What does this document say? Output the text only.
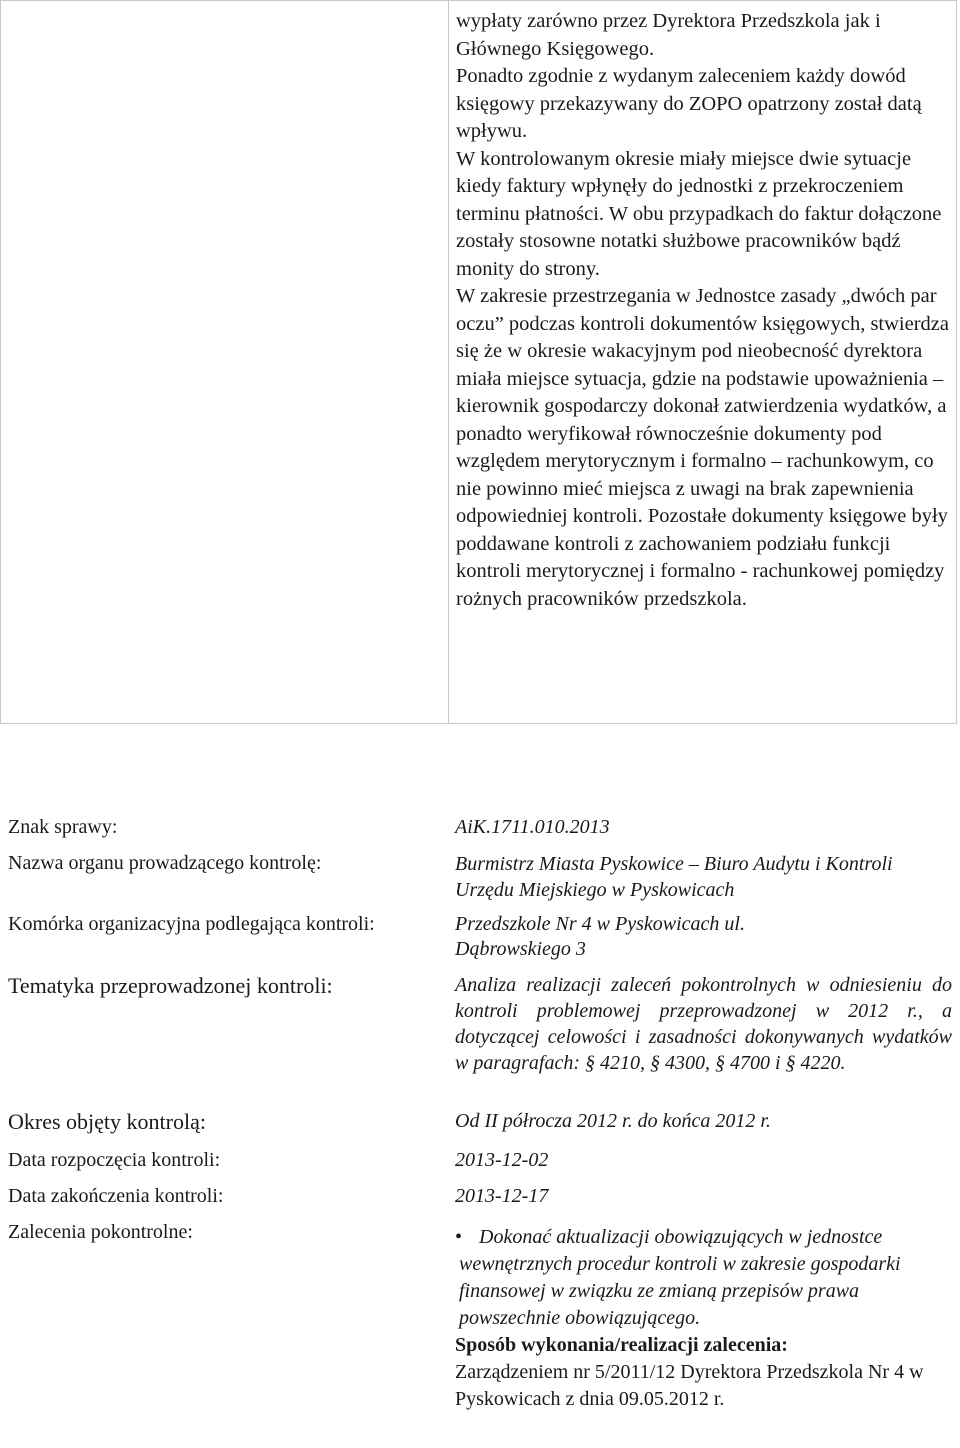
wypłaty zarówno przez Dyrektora Przedszkola jak i Głównego Księgowego.

Ponadto zgodnie z wydanym zaleceniem każdy dowód księgowy przekazywany do ZOPO opatrzony został datą wpływu.

W kontrolowanym okresie miały miejsce dwie sytuacje kiedy faktury wpłynęły do jednostki z przekroczeniem terminu płatności. W obu przypadkach do faktur dołączone zostały stosowne notatki służbowe pracowników bądź monity do strony.

W zakresie przestrzegania w Jednostce zasady „dwóch par oczu” podczas kontroli dokumentów księgowych, stwierdza się że w okresie wakacyjnym pod nieobecność dyrektora miała miejsce sytuacja, gdzie na podstawie upoważnienia – kierownik gospodarczy dokonał zatwierdzenia wydatków, a ponadto weryfikował równocześnie dokumenty pod względem merytorycznym i formalno – rachunkowym, co nie powinno mieć miejsca z uwagi na brak zapewnienia odpowiedniej kontroli. Pozostałe dokumenty księgowe były poddawane kontroli z zachowaniem podziału funkcji kontroli merytorycznej i formalno - rachunkowej pomiędzy rożnych pracowników przedszkola.

Znak sprawy:	AiK.1711.010.2013
Nazwa organu prowadzącego kontrolę:	Burmistrz Miasta Pyskowice – Biuro Audytu i Kontroli Urzędu Miejskiego w Pyskowicach
Komórka organizacyjna podlegająca kontroli:	Przedszkole Nr 4 w Pyskowicach ul. Dąbrowskiego 3
Tematyka przeprowadzonej kontroli:	Analiza realizacji zaleceń pokontrolnych w odniesieniu do kontroli problemowej przeprowadzonej w 2012 r., a dotyczącej celowości i zasadności dokonywanych wydatków w paragrafach: § 4210, § 4300, § 4700 i § 4220.
Okres objęty kontrolą:	Od II półrocza 2012 r. do końca 2012 r.
Data rozpoczęcia kontroli:	2013-12-02
Data zakończenia kontroli:	2013-12-17
Zalecenia pokontrolne:	• Dokonać aktualizacji obowiązujących w jednostce wewnętrznych procedur kontroli w zakresie gospodarki finansowej w związku ze zmianą przepisów prawa powszechnie obowiązującego.
Sposób wykonania/realizacji zalecenia:
Zarządzeniem nr 5/2011/12 Dyrektora Przedszkola Nr 4 w Pyskowicach z dnia 09.05.2012 r.
